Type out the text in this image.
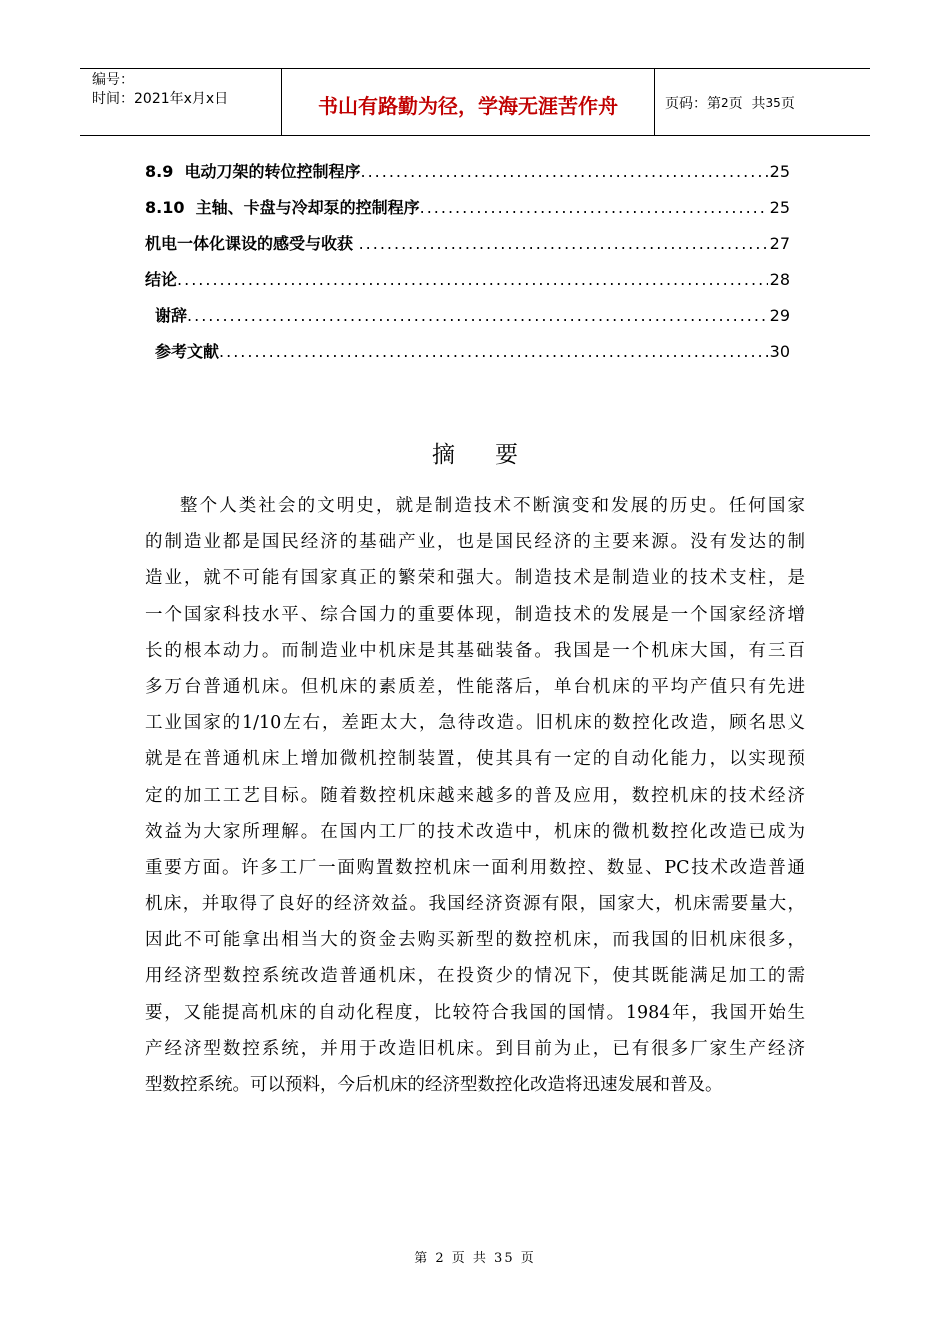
编号：
时间：2021年x月x日	书山有路勤为径，学海无涯苦作舟	页码：第 2 页  共 35 页
8.9  电动刀架的转位控制程序 .....	25
8.10  主轴、卡盘与冷却泵的控制程序 .....	25
机电一体化课设的感受与收获 .....	27
结论 .....	28
谢辞 .....	29
参考文献 .....	30
摘要
整个人类社会的文明史，就是制造技术不断演变和发展的历史。任何国家
的制造业都是国民经济的基础产业，也是国民经济的主要来源。没有发达的制
造业，就不可能有国家真正的繁荣和强大。制造技术是制造业的技术支柱，是
一个国家科技水平、综合国力的重要体现，制造技术的发展是一个国家经济增
长的根本动力。而制造业中机床是其基础装备。我国是一个机床大国，有三百
多万台普通机床。但机床的素质差，性能落后，单台机床的平均产值只有先进
工业国家的1/10左右，差距太大，急待改造。旧机床的数控化改造，顾名思义
就是在普通机床上增加微机控制装置，使其具有一定的自动化能力，以实现预
定的加工工艺目标。随着数控机床越来越多的普及应用，数控机床的技术经济
效益为大家所理解。在国内工厂的技术改造中，机床的微机数控化改造已成为
重要方面。许多工厂一面购置数控机床一面利用数控、数显、PC技术改造普通
机床，并取得了良好的经济效益。我国经济资源有限，国家大，机床需要量大，
因此不可能拿出相当大的资金去购买新型的数控机床，而我国的旧机床很多，
用经济型数控系统改造普通机床，在投资少的情况下，使其既能满足加工的需
要，又能提高机床的自动化程度，比较符合我国的国情。1984年，我国开始生
产经济型数控系统，并用于改造旧机床。到目前为止，已有很多厂家生产经济
型数控系统。可以预料，今后机床的经济型数控化改造将迅速发展和普及。
第 2 页 共 35 页
